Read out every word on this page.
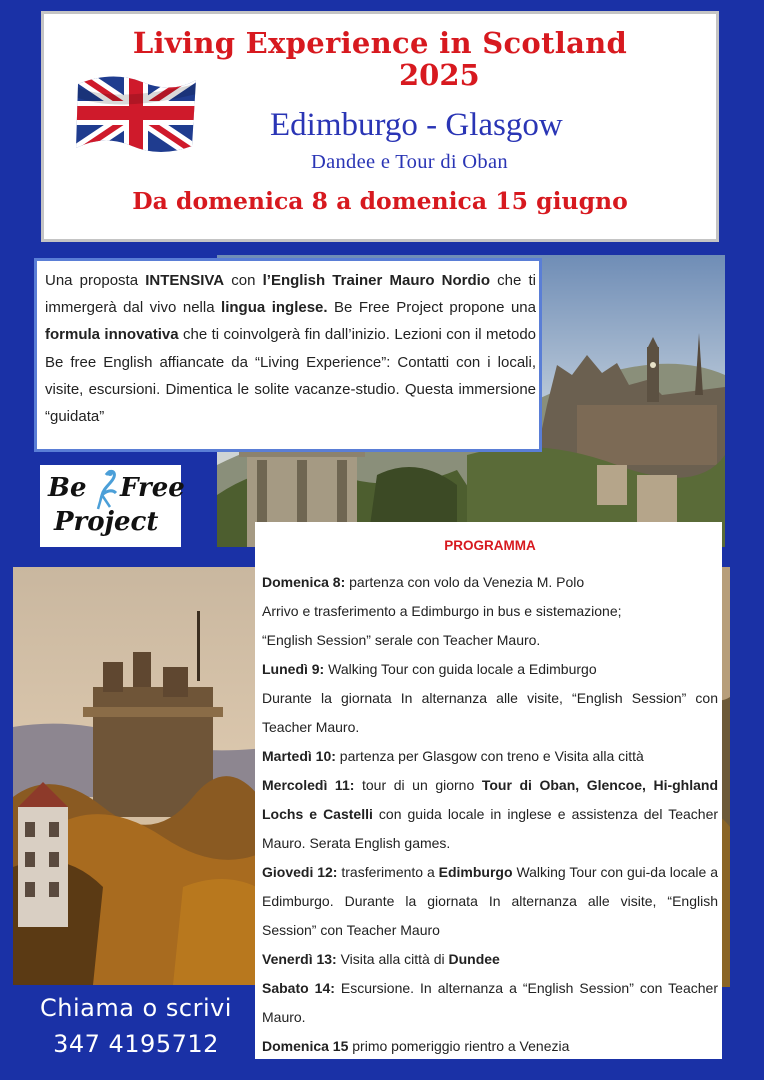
Living Experience in Scotland
2025
Edimburgo - Glasgow
Dandee e Tour di Oban
Da domenica 8 a domenica 15 giugno
Una proposta INTENSIVA con l’English Trainer Mauro Nordio che ti immergerà dal vivo nella lingua inglese. Be Free Project propone una formula innovativa che ti coinvolgerà fin dall’inizio. Lezioni con il metodo Be free English affiancate da “Living Experience”: Contatti con i locali, visite, escursioni. Dimentica le solite vacanze-studio. Questa immersione “guidata”
Be Free
Project
PROGRAMMA

Domenica 8: partenza con volo da Venezia M. Polo

Arrivo e trasferimento a Edimburgo in bus e sistemazione;

“English Session” serale con Teacher Mauro.

Lunedì 9: Walking Tour con guida locale a Edimburgo

Durante la giornata In alternanza alle visite, “English Session” con Teacher Mauro.

Martedì 10: partenza per Glasgow con treno e Visita alla città

Mercoledì 11: tour di un giorno Tour di Oban, Glencoe, Hi-ghland Lochs e Castelli con guida locale in inglese e assistenza del Teacher Mauro. Serata English games.

Giovedi 12: trasferimento a Edimburgo Walking Tour con gui-da locale a Edimburgo. Durante la giornata In alternanza alle visite, “English Session” con Teacher Mauro

Venerdì 13: Visita alla città di Dundee

Sabato 14: Escursione. In alternanza a “English Session” con Teacher Mauro.

Domenica 15 primo pomeriggio rientro a Venezia

Chiama o scrivi
347 4195712
